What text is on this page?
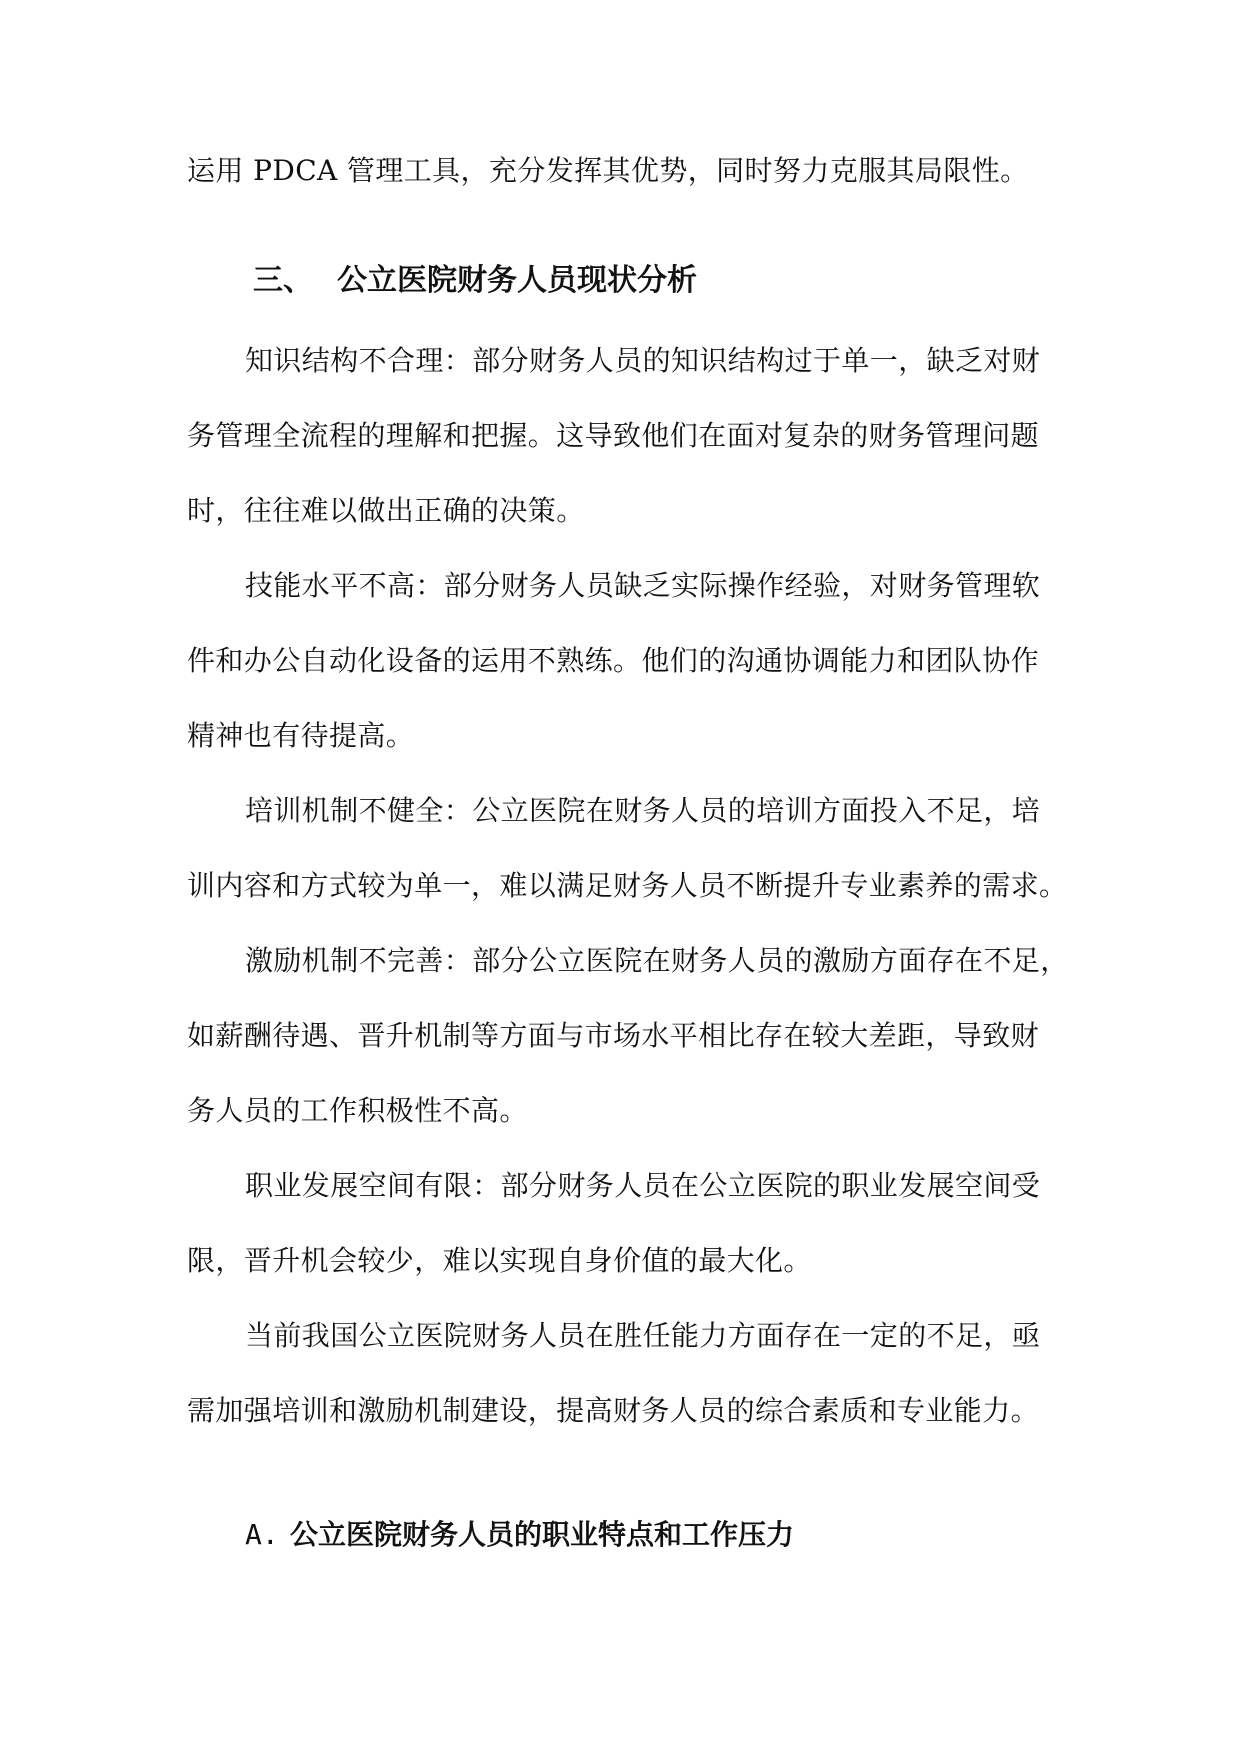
运用 PDCA 管理工具，充分发挥其优势，同时努力克服其局限性。
三、 公立医院财务人员现状分析
知识结构不合理：部分财务人员的知识结构过于单一，缺乏对财
务管理全流程的理解和把握。这导致他们在面对复杂的财务管理问题
时，往往难以做出正确的决策。
技能水平不高：部分财务人员缺乏实际操作经验，对财务管理软
件和办公自动化设备的运用不熟练。他们的沟通协调能力和团队协作
精神也有待提高。
培训机制不健全：公立医院在财务人员的培训方面投入不足，培
训内容和方式较为单一，难以满足财务人员不断提升专业素养的需求。
激励机制不完善：部分公立医院在财务人员的激励方面存在不足，
如薪酬待遇、晋升机制等方面与市场水平相比存在较大差距，导致财
务人员的工作积极性不高。
职业发展空间有限：部分财务人员在公立医院的职业发展空间受
限，晋升机会较少，难以实现自身价值的最大化。
当前我国公立医院财务人员在胜任能力方面存在一定的不足，亟
需加强培训和激励机制建设，提高财务人员的综合素质和专业能力。
A. 公立医院财务人员的职业特点和工作压力
